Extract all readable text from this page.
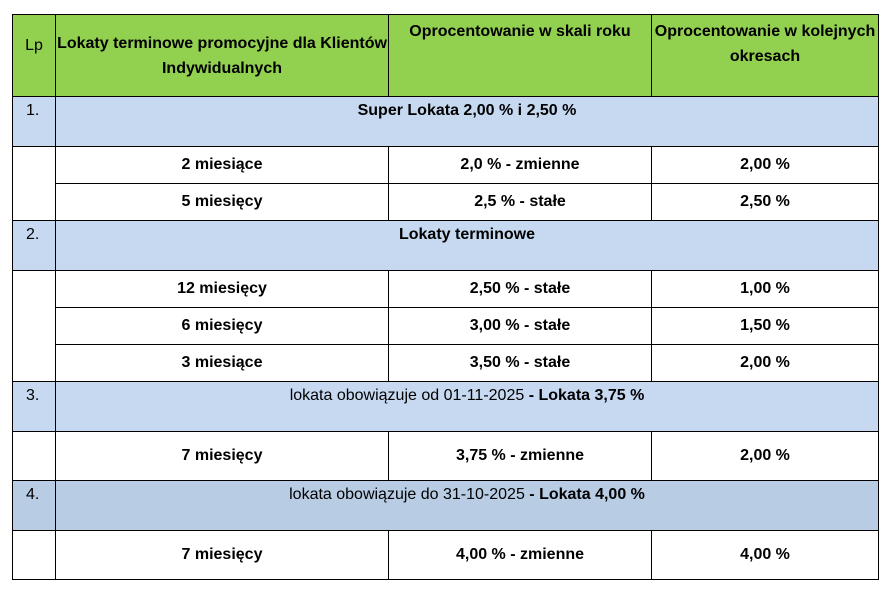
Lp	Lokaty terminowe promocyjne dla Klientów Indywidualnych	Oprocentowanie w skali roku	Oprocentowanie w kolejnych okresach
1.	Super Lokata 2,00 % i 2,50 %		
	2 miesiące	2,0 % - zmienne	2,00 %
	5 miesięcy	2,5 % - stałe	2,50 %
2.	Lokaty terminowe		
	12 miesięcy	2,50 % - stałe	1,00 %
	6 miesięcy	3,00 % - stałe	1,50 %
	3 miesiące	3,50 % - stałe	2,00 %
3.	lokata obowiązuje od 01-11-2025 - Lokata 3,75 %		
	7 miesięcy	3,75 % - zmienne	2,00 %
4.	lokata obowiązuje do 31-10-2025 - Lokata 4,00 %		
	7 miesięcy	4,00 % - zmienne	4,00 %
